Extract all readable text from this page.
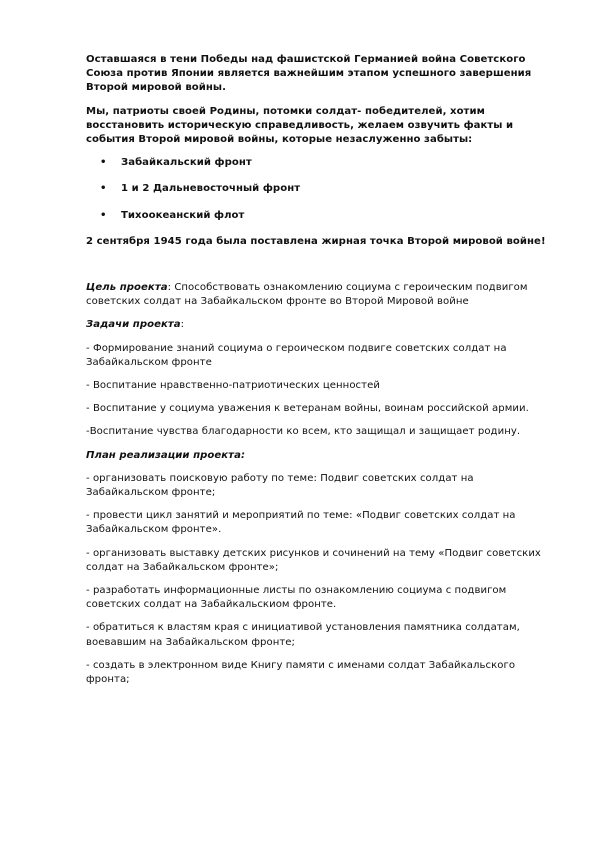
Оставшаяся в тени Победы над фашистской Германией война Советского Союза против Японии является важнейшим этапом успешного завершения Второй мировой войны.

Мы, патриоты своей Родины, потомки солдат- победителей, хотим восстановить историческую справедливость, желаем озвучить факты и события Второй мировой войны, которые незаслуженно забыты:

• Забайкальский фронт
• 1 и 2 Дальневосточный фронт
• Тихоокеанский флот

2 сентября 1945 года была поставлена жирная точка Второй мировой войне!

Цель проекта: Способствовать ознакомлению социума с героическим подвигом советских солдат на Забайкальском фронте во Второй Мировой войне

Задачи проекта:

- Формирование знаний социума о героическом подвиге советских солдат на Забайкальском фронте

- Воспитание нравственно-патриотических ценностей

- Воспитание у социума уважения к ветеранам войны, воинам российской армии.

-Воспитание чувства благодарности ко всем, кто защищал и защищает родину.

План реализации проекта:

- организовать поисковую работу по теме: Подвиг советских солдат на Забайкальском фронте;

- провести цикл занятий и мероприятий по теме: «Подвиг советских солдат на Забайкальском фронте».

- организовать выставку детских рисунков и сочинений на тему «Подвиг советских солдат на Забайкальском фронте»;

- разработать информационные листы по ознакомлению социума с подвигом советских солдат на Забайкальскиом фронте.

- обратиться к властям края с инициативой установления памятника солдатам, воевавшим на Забайкальском фронте;

- создать в электронном виде Книгу памяти с именами солдат Забайкальского фронта;
